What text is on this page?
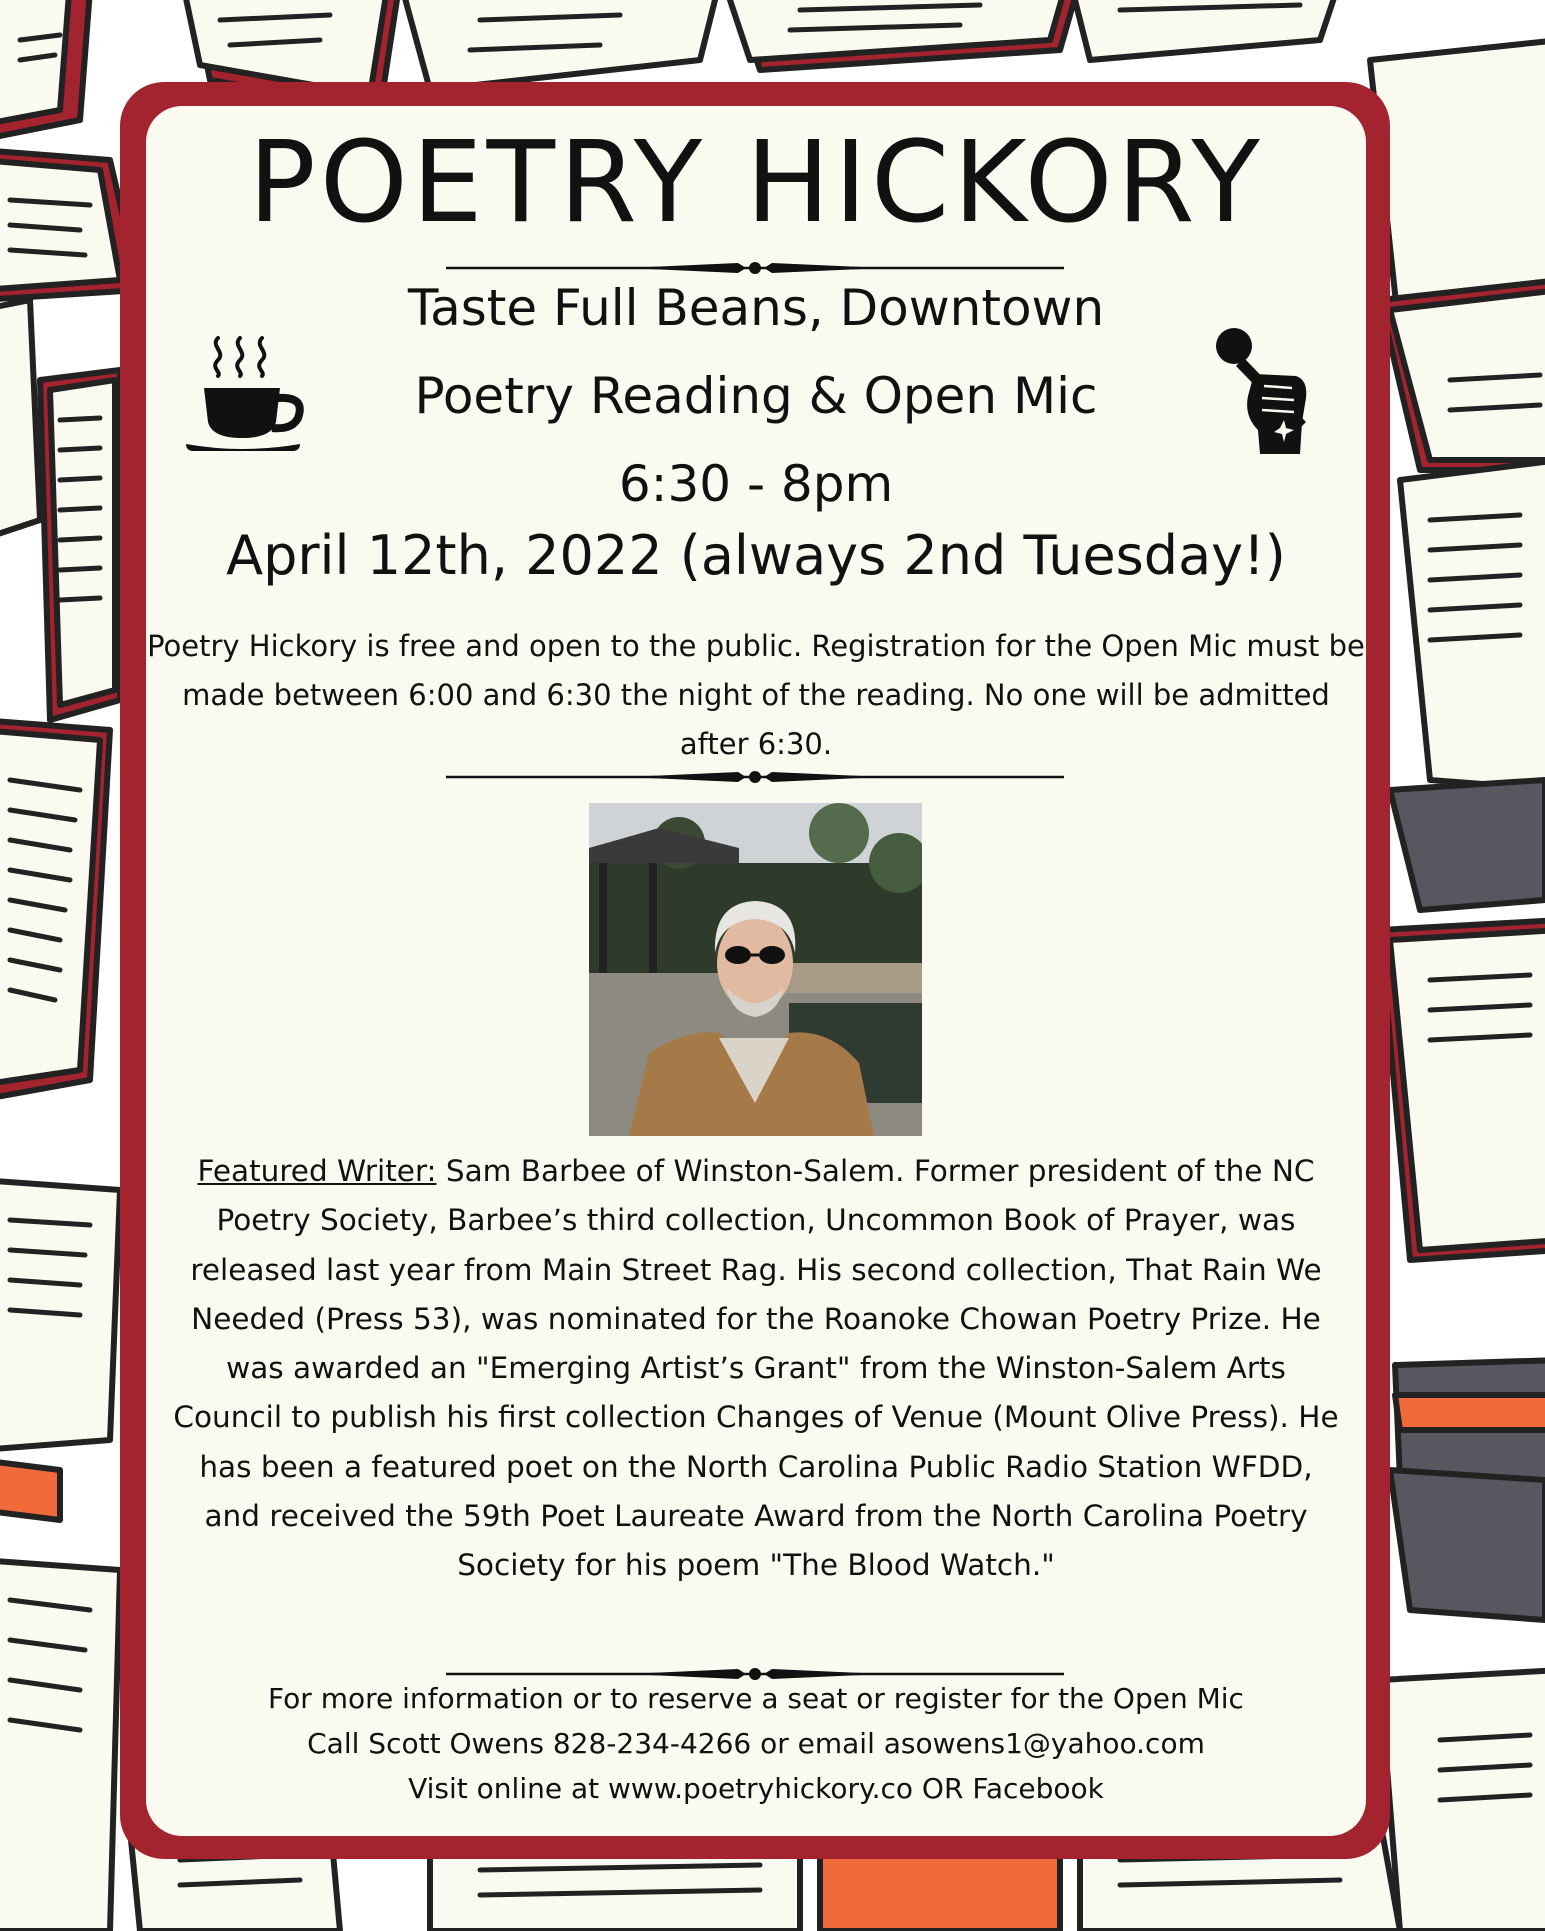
POETRY HICKORY
Taste Full Beans, Downtown
Poetry Reading & Open Mic
6:30 - 8pm
April 12th, 2022 (always 2nd Tuesday!)
Poetry Hickory is free and open to the public. Registration for the Open Mic must be made between 6:00 and 6:30 the night of the reading. No one will be admitted after 6:30.
Featured Writer: Sam Barbee of Winston-Salem. Former president of the NC Poetry Society, Barbee’s third collection, Uncommon Book of Prayer, was released last year from Main Street Rag. His second collection, That Rain We Needed (Press 53), was nominated for the Roanoke Chowan Poetry Prize. He was awarded an "Emerging Artist’s Grant" from the Winston-Salem Arts Council to publish his first collection Changes of Venue (Mount Olive Press). He has been a featured poet on the North Carolina Public Radio Station WFDD, and received the 59th Poet Laureate Award from the North Carolina Poetry Society for his poem "The Blood Watch."
For more information or to reserve a seat or register for the Open Mic
Call Scott Owens 828-234-4266 or email asowens1@yahoo.com
Visit online at www.poetryhickory.co OR Facebook
